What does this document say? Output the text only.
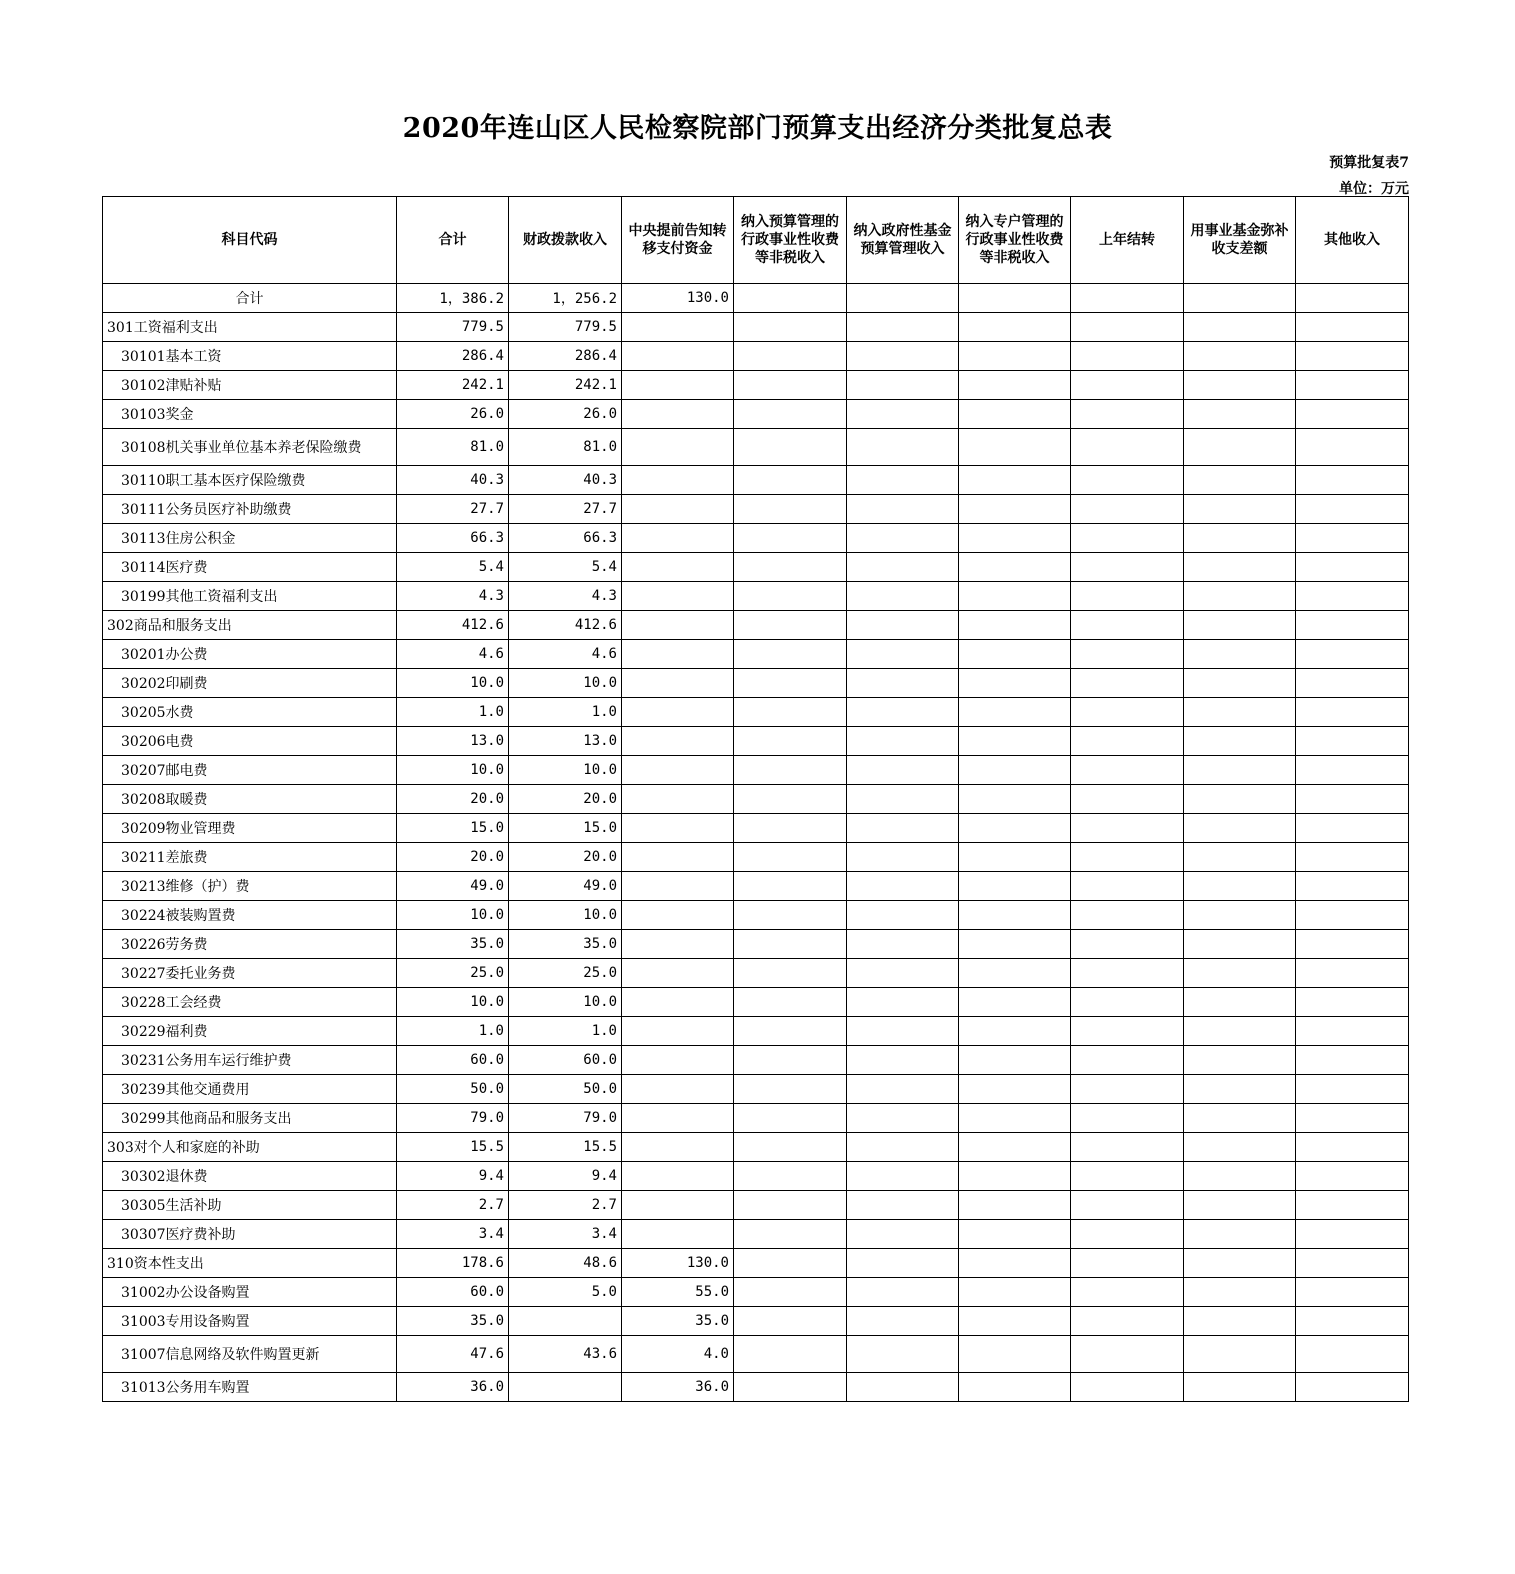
2020年连山区人民检察院部门预算支出经济分类批复总表
预算批复表7
单位：万元
科目代码	合计	财政拨款收入	中央提前告知转移支付资金	纳入预算管理的行政事业性收费等非税收入	纳入政府性基金预算管理收入	纳入专户管理的行政事业性收费等非税收入	上年结转	用事业基金弥补收支差额	其他收入
合计	1，386.2	1，256.2	130.0						
301工资福利支出	779.5	779.5							
30101基本工资	286.4	286.4							
30102津贴补贴	242.1	242.1							
30103奖金	26.0	26.0							
30108机关事业单位基本养老保险缴费	81.0	81.0							
30110职工基本医疗保险缴费	40.3	40.3							
30111公务员医疗补助缴费	27.7	27.7							
30113住房公积金	66.3	66.3							
30114医疗费	5.4	5.4							
30199其他工资福利支出	4.3	4.3							
302商品和服务支出	412.6	412.6							
30201办公费	4.6	4.6							
30202印刷费	10.0	10.0							
30205水费	1.0	1.0							
30206电费	13.0	13.0							
30207邮电费	10.0	10.0							
30208取暖费	20.0	20.0							
30209物业管理费	15.0	15.0							
30211差旅费	20.0	20.0							
30213维修（护）费	49.0	49.0							
30224被装购置费	10.0	10.0							
30226劳务费	35.0	35.0							
30227委托业务费	25.0	25.0							
30228工会经费	10.0	10.0							
30229福利费	1.0	1.0							
30231公务用车运行维护费	60.0	60.0							
30239其他交通费用	50.0	50.0							
30299其他商品和服务支出	79.0	79.0							
303对个人和家庭的补助	15.5	15.5							
30302退休费	9.4	9.4							
30305生活补助	2.7	2.7							
30307医疗费补助	3.4	3.4							
310资本性支出	178.6	48.6	130.0						
31002办公设备购置	60.0	5.0	55.0						
31003专用设备购置	35.0		35.0						
31007信息网络及软件购置更新	47.6	43.6	4.0						
31013公务用车购置	36.0		36.0						
